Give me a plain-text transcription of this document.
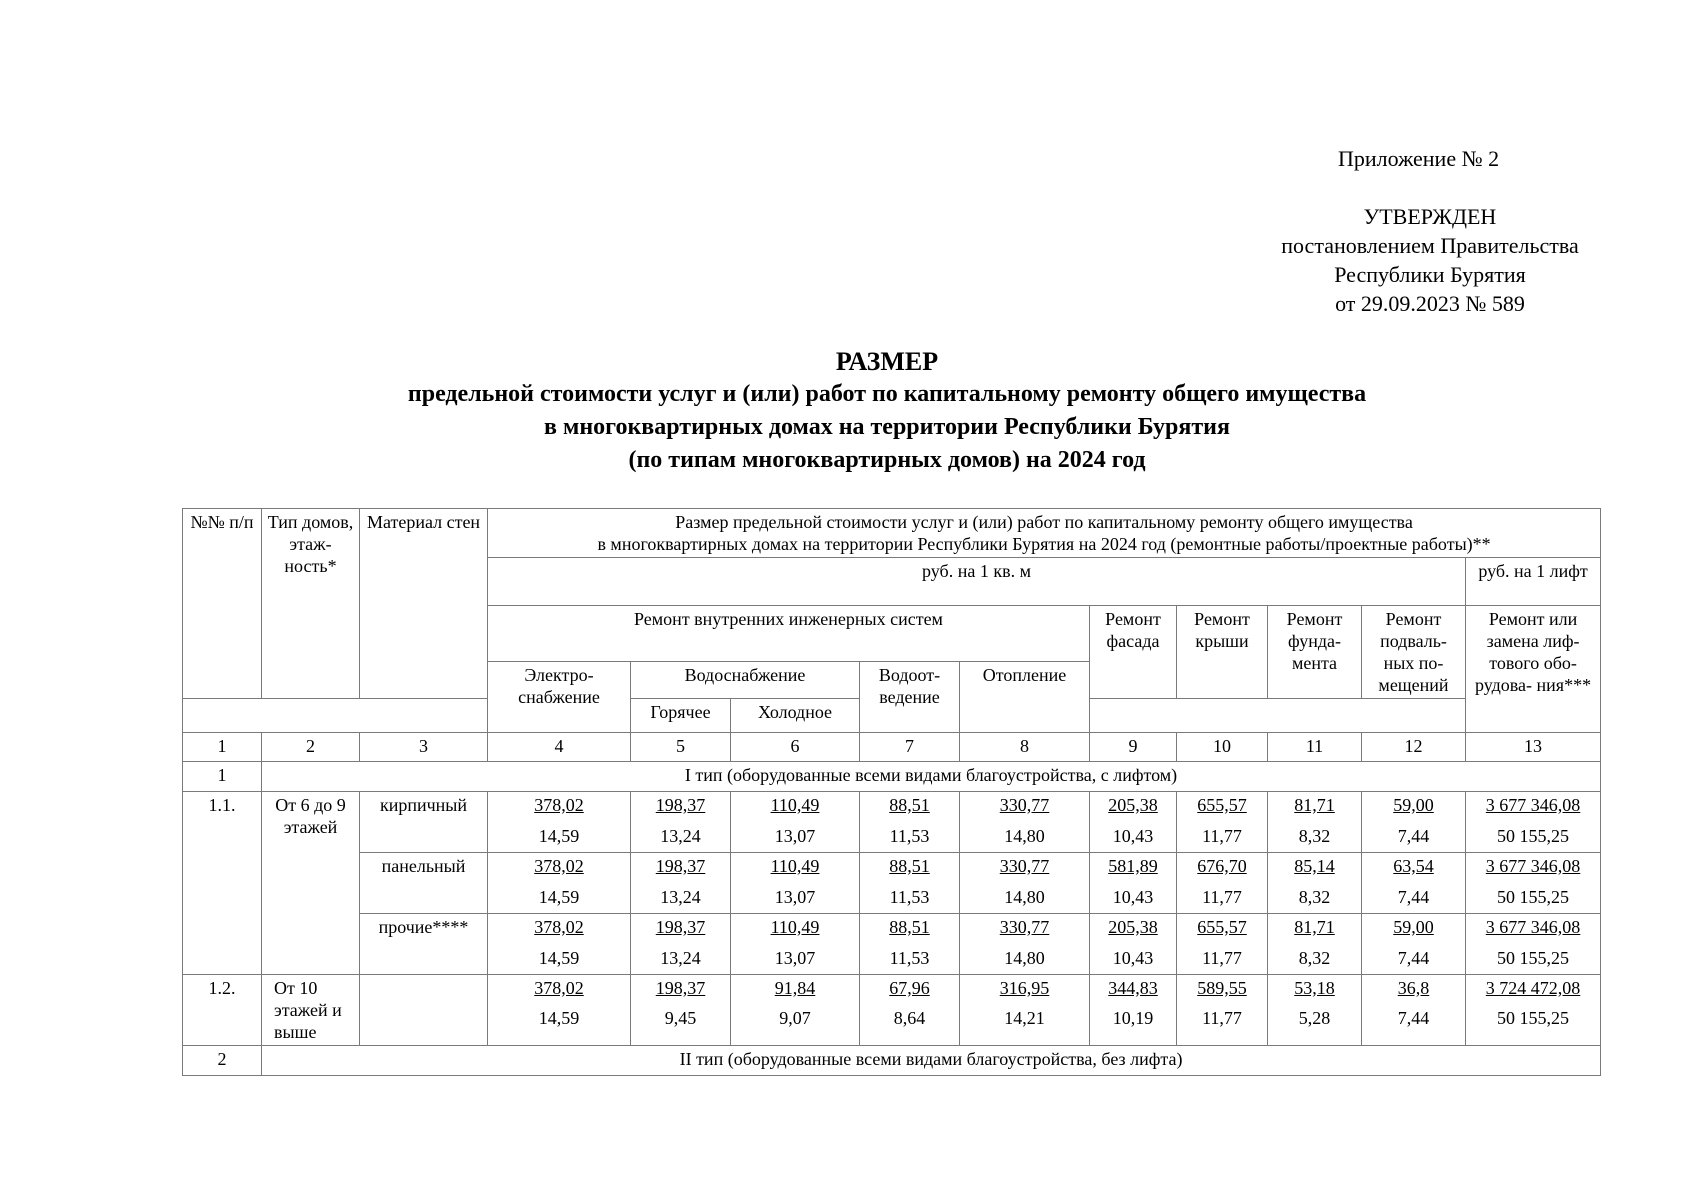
Приложение № 2
УТВЕРЖДЕН
постановлением Правительства
Республики Бурятия
от 29.09.2023 № 589
РАЗМЕР
предельной стоимости услуг и (или) работ по капитальному ремонту общего имущества
в многоквартирных домах на территории Республики Бурятия
(по типам многоквартирных домов) на 2024 год
№№ п/п	Тип домов, этаж- ность*	Материал стен	Размер предельной стоимости услуг и (или) работ по капитальному ремонту общего имущества
в многоквартирных домах на территории Республики Бурятия на 2024 год (ремонтные работы/проектные работы)**									

			руб. на 1 кв. м									руб. на 1 лифт
			Ремонт внутренних инженерных систем					Ремонт фасада	Ремонт крыши	Ремонт фунда- мента	Ремонт подваль- ных по- мещений	Ремонт или замена лиф- тового обо- рудова- ния***
			Электро- снабжение	Водоснабжение		Водоот- ведение	Отопление					
				Горячее	Холодное							
1	2	3	4	5	6	7	8	9	10	11	12	13
1	I тип (оборудованные всеми видами благоустройства, с лифтом)											
1.1.	От 6 до 9 этажей	кирпичный	378,02	198,37	110,49	88,51	330,77	205,38	655,57	81,71	59,00	3 677 346,08
			14,59	13,24	13,07	11,53	14,80	10,43	11,77	8,32	7,44	50 155,25
		панельный	378,02	198,37	110,49	88,51	330,77	581,89	676,70	85,14	63,54	3 677 346,08
			14,59	13,24	13,07	11,53	14,80	10,43	11,77	8,32	7,44	50 155,25
		прочие****	378,02	198,37	110,49	88,51	330,77	205,38	655,57	81,71	59,00	3 677 346,08
			14,59	13,24	13,07	11,53	14,80	10,43	11,77	8,32	7,44	50 155,25
1.2.	От 10 этажей и выше		378,02	198,37	91,84	67,96	316,95	344,83	589,55	53,18	36,8	3 724 472,08
			14,59	9,45	9,07	8,64	14,21	10,19	11,77	5,28	7,44	50 155,25
2	II тип (оборудованные всеми видами благоустройства, без лифта)											
